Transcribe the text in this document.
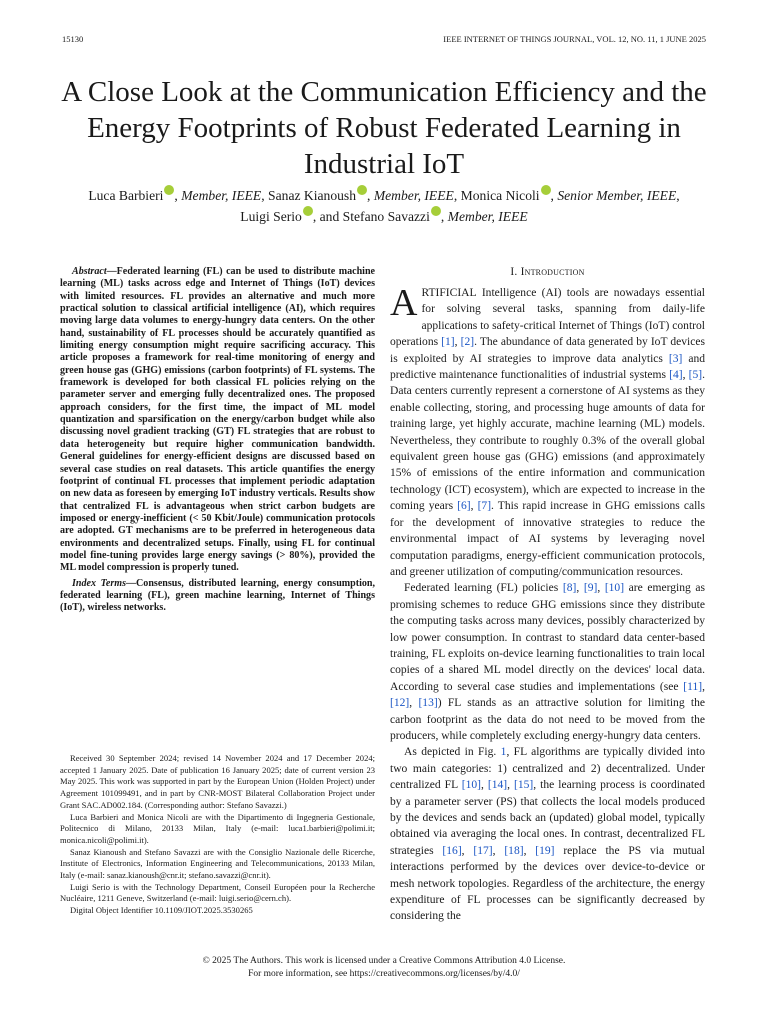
15130	IEEE INTERNET OF THINGS JOURNAL, VOL. 12, NO. 11, 1 JUNE 2025
A Close Look at the Communication Efficiency and the Energy Footprints of Robust Federated Learning in Industrial IoT
Luca Barbieri , Member, IEEE, Sanaz Kianoush , Member, IEEE, Monica Nicoli , Senior Member, IEEE,
Luigi Serio , and Stefano Savazzi , Member, IEEE
Abstract—Federated learning (FL) can be used to distribute machine learning (ML) tasks across edge and Internet of Things (IoT) devices with limited resources. FL provides an alternative and much more practical solution to classical artificial intelligence (AI), which requires moving large data volumes to energy-hungry data centers. On the other hand, sustainability of FL processes should be accurately quantified as limiting energy consumption might require sacrificing accuracy. This article proposes a framework for real-time monitoring of energy and green house gas (GHG) emissions (carbon footprints) of FL systems. The framework is developed for both classical FL policies relying on the parameter server and emerging fully decentralized ones. The proposed approach considers, for the first time, the impact of ML model quantization and sparsification on the energy/carbon budget while also discussing novel gradient tracking (GT) FL strategies that are robust to data heterogeneity but require higher communication bandwidth. General guidelines for energy-efficient designs are discussed based on several case studies on real datasets. This article quantifies the energy footprint of continual FL processes that implement periodic adaptation on new data as foreseen by emerging IoT industry verticals. Results show that centralized FL is advantageous when strict carbon budgets are imposed or energy-inefficient (< 50 Kbit/Joule) communication protocols are adopted. GT mechanisms are to be preferred in heterogeneous data environments and decentralized setups. Finally, using FL for continual model fine-tuning provides large energy savings (> 80%), provided the ML model compression is properly tuned.
Index Terms—Consensus, distributed learning, energy consumption, federated learning (FL), green machine learning, Internet of Things (IoT), wireless networks.

Received 30 September 2024; revised 14 November 2024 and 17 December 2024; accepted 1 January 2025. Date of publication 16 January 2025; date of current version 23 May 2025. This work was supported in part by the European Union (Holden Project) under Agreement 101099491, and in part by CNR-MOST Bilateral Collaboration Project under Grant SAC.AD002.184. (Corresponding author: Stefano Savazzi.)

Luca Barbieri and Monica Nicoli are with the Dipartimento di Ingegneria Gestionale, Politecnico di Milano, 20133 Milan, Italy (e-mail: luca1.barbieri@polimi.it; monica.nicoli@polimi.it).

Sanaz Kianoush and Stefano Savazzi are with the Consiglio Nazionale delle Ricerche, Institute of Electronics, Information Engineering and Telecommunications, 20133 Milan, Italy (e-mail: sanaz.kianoush@cnr.it; stefano.savazzi@cnr.it).

Luigi Serio is with the Technology Department, Conseil Européen pour la Recherche Nucléaire, 1211 Geneve, Switzerland (e-mail: luigi.serio@cern.ch).

Digital Object Identifier 10.1109/JIOT.2025.3530265

I. Introduction

ARTIFICIAL Intelligence (AI) tools are nowadays essential for solving several tasks, spanning from daily-life applications to safety-critical Internet of Things (IoT) control operations [1], [2]. The abundance of data generated by IoT devices is exploited by AI strategies to improve data analytics [3] and predictive maintenance functionalities of industrial systems [4], [5]. Data centers currently represent a cornerstone of AI systems as they enable collecting, storing, and processing huge amounts of data for training large, yet highly accurate, machine learning (ML) models. Nevertheless, they contribute to roughly 0.3% of the overall global equivalent green house gas (GHG) emissions (and approximately 15% of emissions of the entire information and communication technology (ICT) ecosystem), which are expected to increase in the coming years [6], [7]. This rapid increase in GHG emissions calls for the development of innovative strategies to reduce the environmental impact of AI systems by leveraging novel computation paradigms, energy-efficient communication protocols, and greener utilization of computing/communication resources.

Federated learning (FL) policies [8], [9], [10] are emerging as promising schemes to reduce GHG emissions since they distribute the computing tasks across many devices, possibly characterized by low power consumption. In contrast to standard data center-based training, FL exploits on-device learning functionalities to train local copies of a shared ML model directly on the devices' local data. According to several case studies and implementations (see [11], [12], [13]) FL stands as an attractive solution for limiting the carbon footprint as the data do not need to be moved from the producers, while completely excluding energy-hungry data centers.

As depicted in Fig. 1, FL algorithms are typically divided into two main categories: 1) centralized and 2) decentralized. Under centralized FL [10], [14], [15], the learning process is coordinated by a parameter server (PS) that collects the local models produced by the devices and sends back an (updated) global model, typically obtained via averaging the local ones. In contrast, decentralized FL strategies [16], [17], [18], [19] replace the PS via mutual interactions performed by the devices over device-to-device or mesh network topologies. Regardless of the architecture, the energy expenditure of FL processes can be significantly decreased by considering the

© 2025 The Authors. This work is licensed under a Creative Commons Attribution 4.0 License.
For more information, see https://creativecommons.org/licenses/by/4.0/
